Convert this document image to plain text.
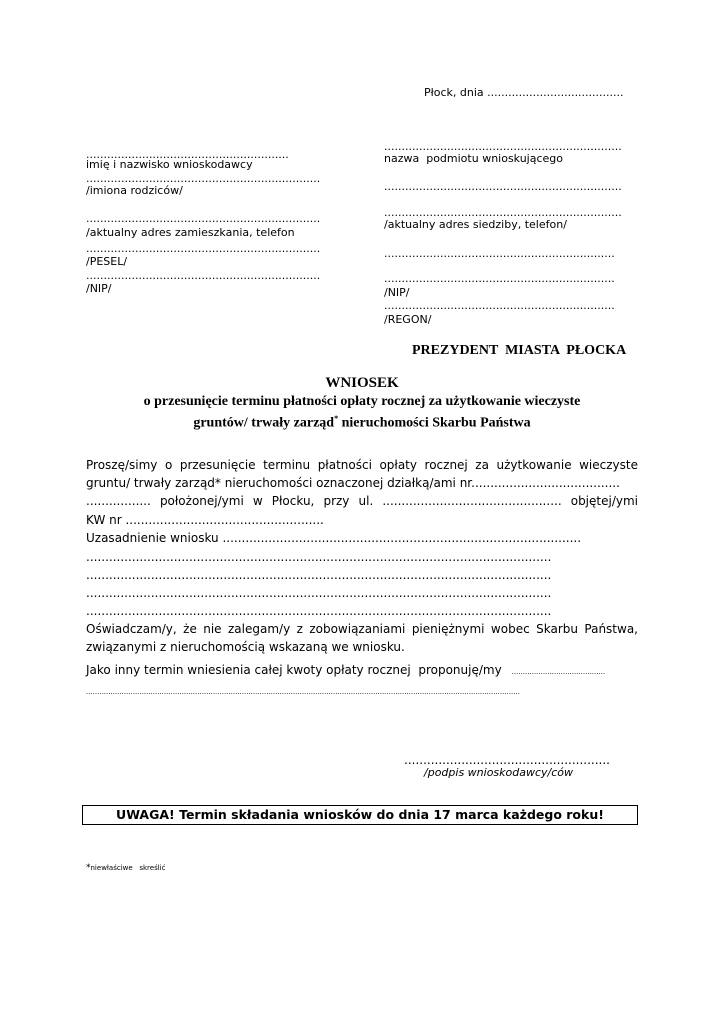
Płock, dnia .......................................
..........................................................
imię i nazwisko wnioskodawcy
...................................................................
/imiona rodziców/
...................................................................
/aktualny adres zamieszkania, telefon
...................................................................
/PESEL/
...................................................................
/NIP/
....................................................................
nazwa  podmiotu wnioskującego
....................................................................
....................................................................
/aktualny adres siedziby, telefon/
..................................................................
..................................................................
/NIP/
..................................................................
/REGON/
PREZYDENT  MIASTA  PŁOCKA
WNIOSEK
o przesunięcie terminu płatności opłaty rocznej za użytkowanie wieczyste
gruntów/ trwały zarząd* nieruchomości Skarbu Państwa
Proszę/simy o przesunięcie terminu płatności opłaty rocznej za użytkowanie wieczyste
gruntu/ trwały zarząd* nieruchomości oznaczonej działką/ami nr.......................................
................. położonej/ymi w Płocku, przy ul. ............................................... objętej/ymi
KW nr ....................................................
Uzasadnienie wniosku ..............................................................................................
..........................................................................................................................
..........................................................................................................................
..........................................................................................................................
..........................................................................................................................
Oświadczam/y, że nie zalegam/y z zobowiązaniami pieniężnymi wobec Skarbu Państwa,
związanymi z nieruchomością wskazaną we wniosku.
Jako inny termin wniesienia całej kwoty opłaty rocznej  proponuję/my ..........................................
...................................................................................................................................................................................................
......................................................
/podpis wnioskodawcy/ców
UWAGA! Termin składania wniosków do dnia 17 marca każdego roku!
*niewłaściwe   skreślić
